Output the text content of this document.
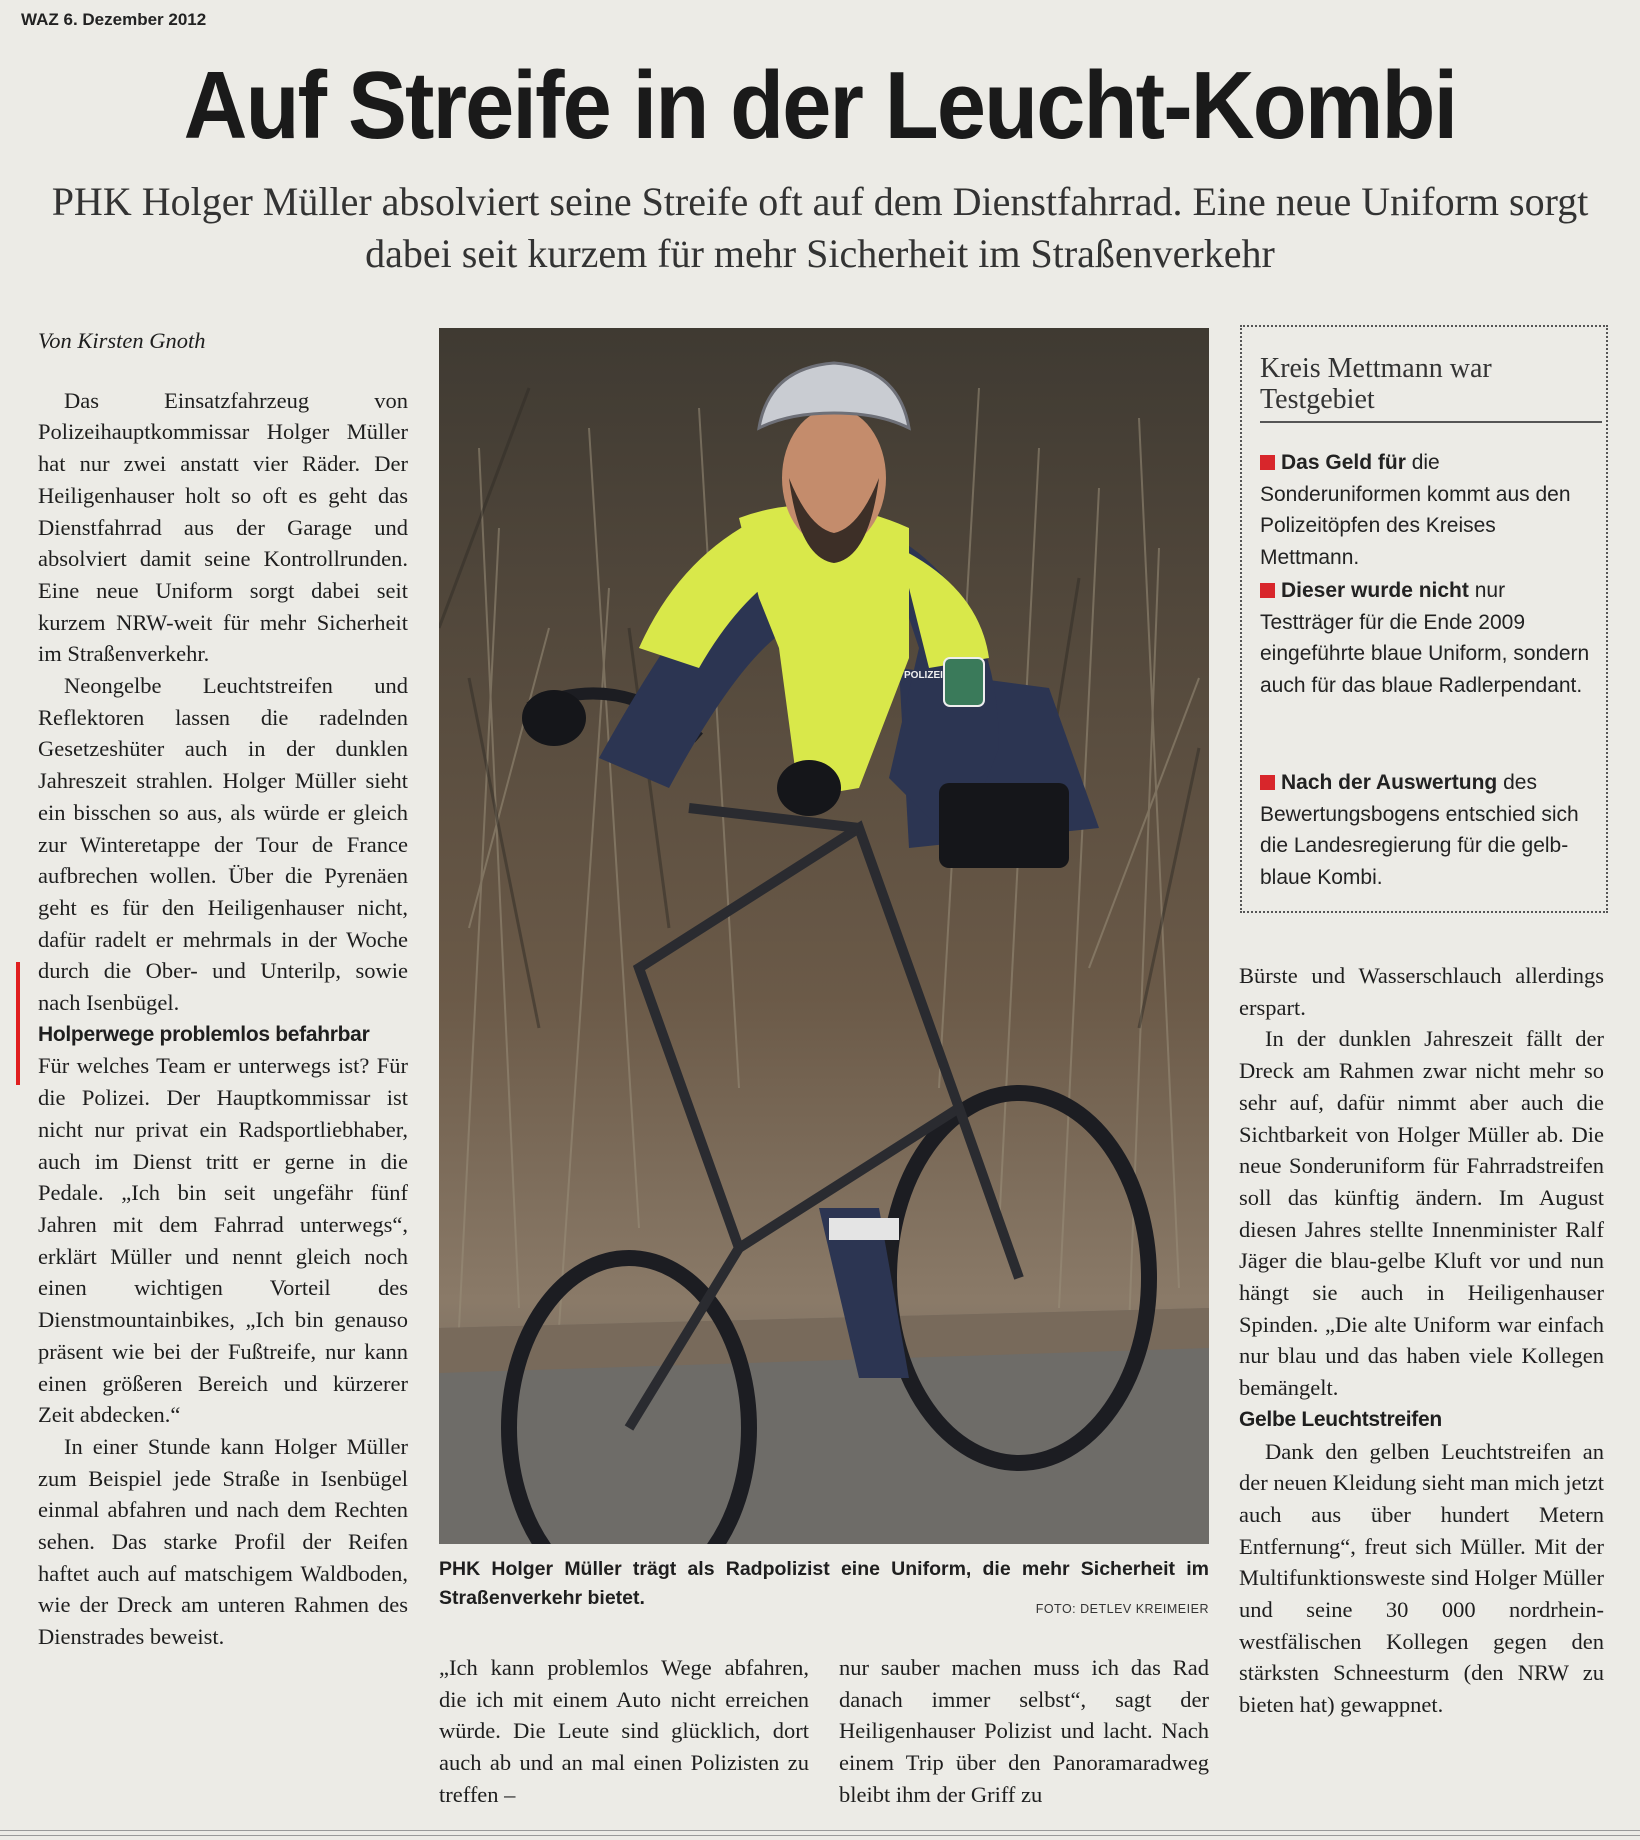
WAZ 6. Dezember 2012
Auf Streife in der Leucht-Kombi
PHK Holger Müller absolviert seine Streife oft auf dem Dienstfahrrad. Eine neue Uniform sorgt dabei seit kurzem für mehr Sicherheit im Straßenverkehr

Von Kirsten Gnoth

Das Einsatzfahrzeug von Polizeihauptkommissar Holger Müller hat nur zwei anstatt vier Räder. Der Heiligenhauser holt so oft es geht das Dienstfahrrad aus der Garage und absolviert damit seine Kontrollrunden. Eine neue Uniform sorgt dabei seit kurzem NRW-weit für mehr Sicherheit im Straßenverkehr.

Neongelbe Leuchtstreifen und Reflektoren lassen die radelnden Gesetzeshüter auch in der dunklen Jahreszeit strahlen. Holger Müller sieht ein bisschen so aus, als würde er gleich zur Winteretappe der Tour de France aufbrechen wollen. Über die Pyrenäen geht es für den Heiligenhauser nicht, dafür radelt er mehrmals in der Woche durch die Ober- und Unterilp, sowie nach Isenbügel.

Holperwege problemlos befahrbar

Für welches Team er unterwegs ist? Für die Polizei. Der Hauptkommissar ist nicht nur privat ein Radsportliebhaber, auch im Dienst tritt er gerne in die Pedale. „Ich bin seit ungefähr fünf Jahren mit dem Fahrrad unterwegs“, erklärt Müller und nennt gleich noch einen wichtigen Vorteil des Dienstmountainbikes, „Ich bin genauso präsent wie bei der Fußtreife, nur kann einen größeren Bereich und kürzerer Zeit abdecken.“

In einer Stunde kann Holger Müller zum Beispiel jede Straße in Isenbügel einmal abfahren und nach dem Rechten sehen. Das starke Profil der Reifen haftet auch auf matschigem Waldboden, wie der Dreck am unteren Rahmen des Dienstrades beweist.

POLIZEI
PHK Holger Müller trägt als Radpolizist eine Uniform, die mehr Sicherheit im Straßenverkehr bietet.	FOTO: DETLEV KREIMEIER

„Ich kann problemlos Wege abfahren, die ich mit einem Auto nicht erreichen würde. Die Leute sind glücklich, dort auch ab und an mal einen Polizisten zu treffen –

nur sauber machen muss ich das Rad danach immer selbst“, sagt der Heiligenhauser Polizist und lacht. Nach einem Trip über den Panoramaradweg bleibt ihm der Griff zu

Kreis Mettmann war Testgebiet
Das Geld für die Sonderuniformen kommt aus den Polizeitöpfen des Kreises Mettmann.
Dieser wurde nicht nur Testträger für die Ende 2009 eingeführte blaue Uniform, sondern auch für das blaue Radlerpendant.
Nach der Auswertung des Bewertungsbogens entschied sich die Landesregierung für die gelb-blaue Kombi.

Bürste und Wasserschlauch allerdings erspart.

In der dunklen Jahreszeit fällt der Dreck am Rahmen zwar nicht mehr so sehr auf, dafür nimmt aber auch die Sichtbarkeit von Holger Müller ab. Die neue Sonderuniform für Fahrradstreifen soll das künftig ändern. Im August diesen Jahres stellte Innenminister Ralf Jäger die blau-gelbe Kluft vor und nun hängt sie auch in Heiligenhauser Spinden. „Die alte Uniform war einfach nur blau und das haben viele Kollegen bemängelt.

Gelbe Leuchtstreifen

Dank den gelben Leuchtstreifen an der neuen Kleidung sieht man mich jetzt auch aus über hundert Metern Entfernung“, freut sich Müller. Mit der Multifunktionsweste sind Holger Müller und seine 30 000 nordrhein-westfälischen Kollegen gegen den stärksten Schneesturm (den NRW zu bieten hat) gewappnet.
